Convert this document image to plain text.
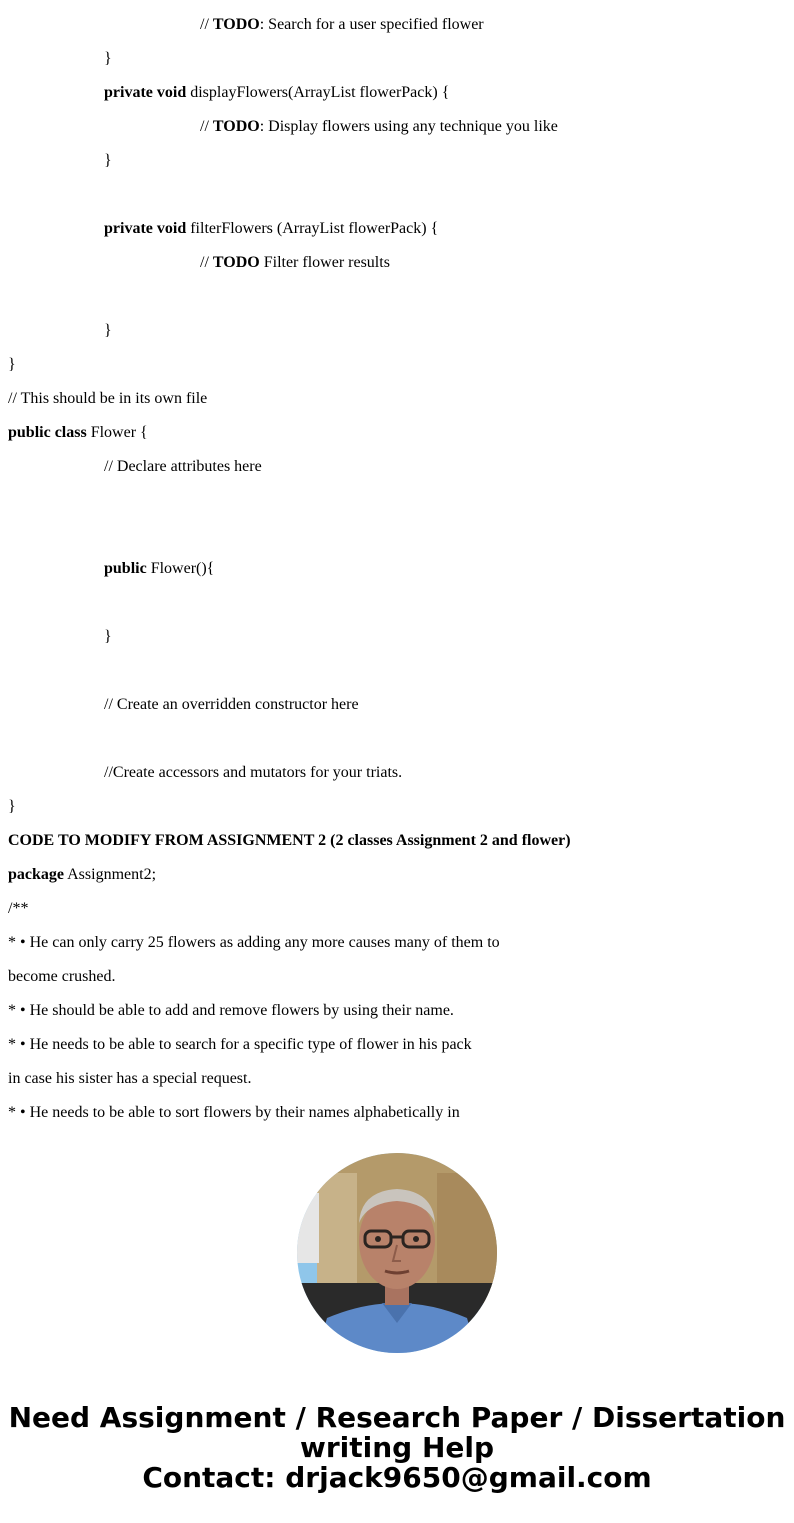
// TODO: Search for a user specified flower
}
private void displayFlowers(ArrayList flowerPack) {
// TODO: Display flowers using any technique you like
}
private void filterFlowers (ArrayList flowerPack) {
// TODO Filter flower results
}
}
// This should be in its own file
public class Flower {
// Declare attributes here
public Flower(){
}
// Create an overridden constructor here
//Create accessors and mutators for your triats.
}
CODE TO MODIFY FROM ASSIGNMENT 2 (2 classes Assignment 2 and flower)
package Assignment2;
/**
* • He can only carry 25 flowers as adding any more causes many of them to
become crushed.
* • He should be able to add and remove flowers by using their name.
* • He needs to be able to search for a specific type of flower in his pack
in case his sister has a special request.
* • He needs to be able to sort flowers by their names alphabetically in
Need Assignment / Research Paper / Dissertation
writing Help
Contact: drjack9650@gmail.com
